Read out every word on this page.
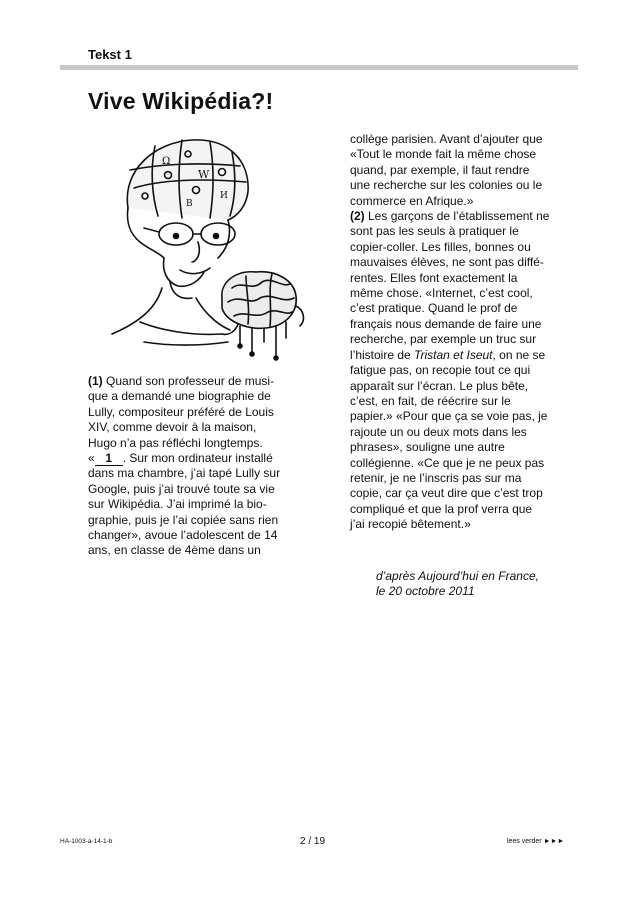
Tekst 1
Vive Wikipédia?!
Ω
W
B
И
(1) Quand son professeur de musi-
que a demandé une biographie de
Lully, compositeur préféré de Louis
XIV, comme devoir à la maison,
Hugo n’a pas réfléchi longtemps.
« 1 . Sur mon ordinateur installé
dans ma chambre, j’ai tapé Lully sur
Google, puis j’ai trouvé toute sa vie
sur Wikipédia. J’ai imprimé la bio-
graphie, puis je l’ai copiée sans rien
changer», avoue l’adolescent de 14
ans, en classe de 4ème dans un
collège parisien. Avant d’ajouter que
«Tout le monde fait la même chose
quand, par exemple, il faut rendre
une recherche sur les colonies ou le
commerce en Afrique.»
(2) Les garçons de l’établissement ne
sont pas les seuls à pratiquer le
copier-coller. Les filles, bonnes ou
mauvaises élèves, ne sont pas diffé-
rentes. Elles font exactement la
même chose. «Internet, c’est cool,
c’est pratique. Quand le prof de
français nous demande de faire une
recherche, par exemple un truc sur
l’histoire de Tristan et Iseut, on ne se
fatigue pas, on recopie tout ce qui
apparaît sur l’écran. Le plus bête,
c’est, en fait, de réécrire sur le
papier.» «Pour que ça se voie pas, je
rajoute un ou deux mots dans les
phrases», souligne une autre
collégienne. «Ce que je ne peux pas
retenir, je ne l’inscris pas sur ma
copie, car ça veut dire que c’est trop
compliqué et que la prof verra que
j’ai recopié bêtement.»
d’après Aujourd’hui en France,
le 20 octobre 2011
HA-1003-a-14-1-b	2 / 19	lees verder ►►►
